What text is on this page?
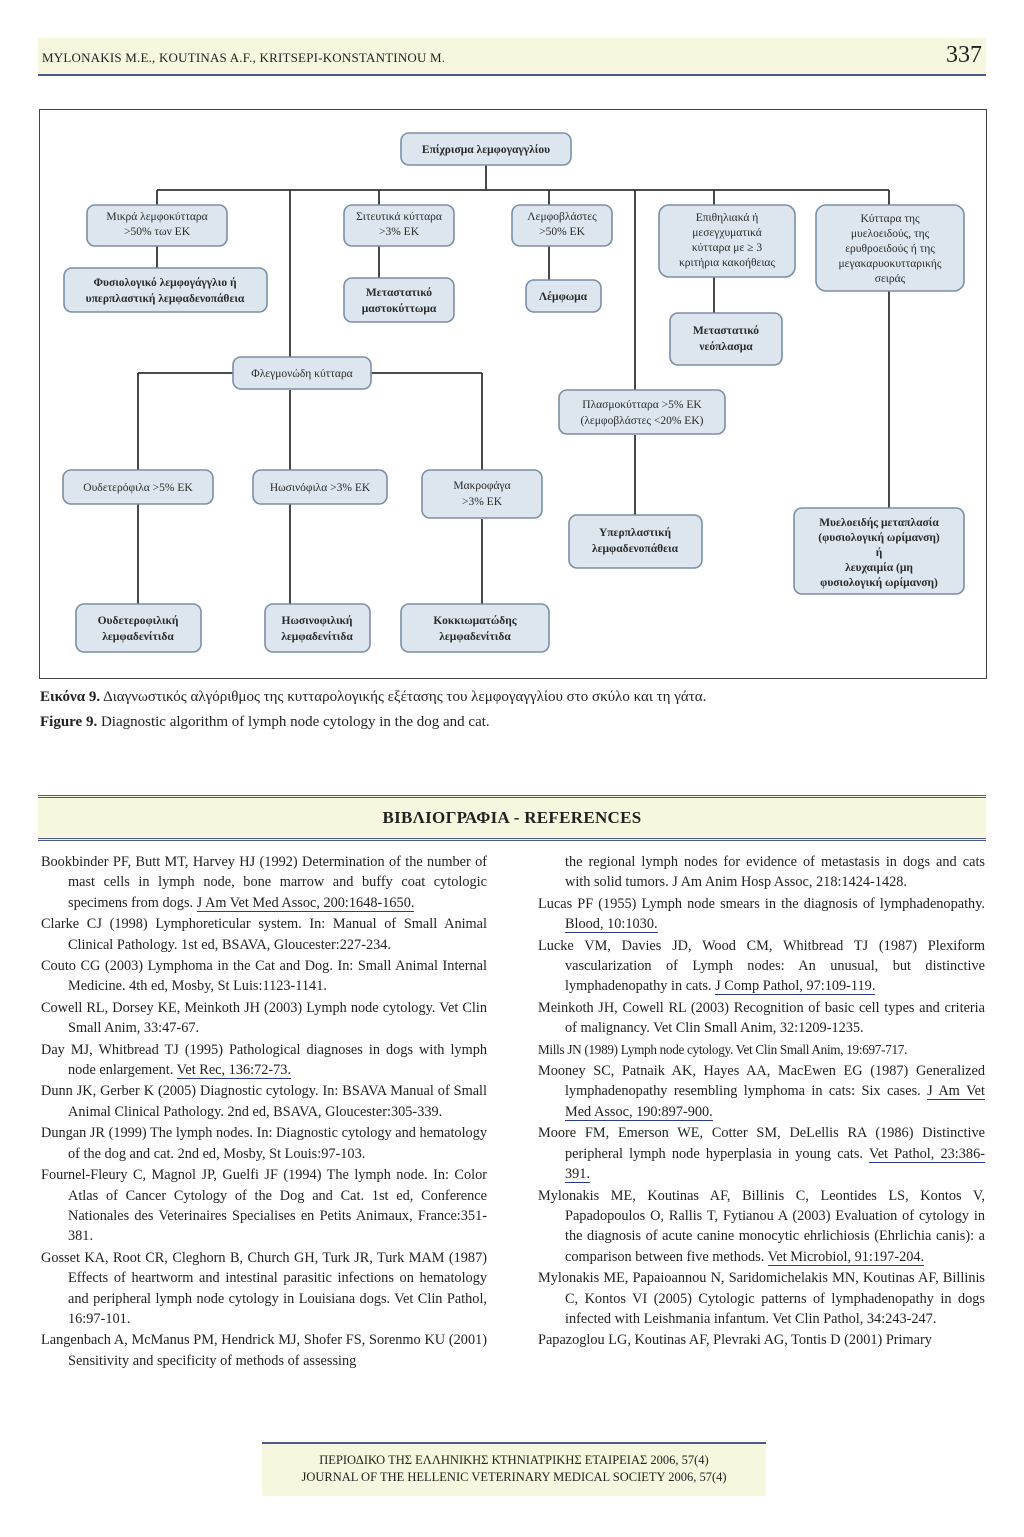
MYLONAKIS M.E., KOUTINAS A.F., KRITSEPI-KONSTANTINOU M.	337
Επίχρισμα λεμφογαγγλίου
Μικρά λεμφοκύτταρα
>50% των ΕΚ
Σιτευτικά κύτταρα
>3% ΕΚ
Λεμφοβλάστες
>50% ΕΚ
Επιθηλιακά ή
μεσεγχυματικά
κύτταρα με ≥ 3
κριτήρια κακοήθειας
Κύτταρα της
μυελοειδούς, της
ερυθροειδούς ή της
μεγακαρυοκυτταρικής
σειράς
Φυσιολογικό λεμφογάγγλιο ή
υπερπλαστική λεμφαδενοπάθεια	Μεταστατικό
μαστοκύττωμα
Λέμφωμα
Μεταστατικό
νεόπλασμα
Φλεγμονώδη κύτταρα
Πλασμοκύτταρα >5% ΕΚ
(λεμφοβλάστες <20% ΕΚ)
Ουδετερόφιλα >5% ΕΚ	Ηωσινόφιλα >3% ΕΚ	Μακροφάγα
>3% ΕΚ
Υπερπλαστική
λεμφαδενοπάθεια
Μυελοειδής μεταπλασία
(φυσιολογική ωρίμανση)
ή
λευχαιμία (μη
φυσιολογική ωρίμανση)
Ουδετεροφιλική
λεμφαδενίτιδα
Ηωσινοφιλική
λεμφαδενίτιδα
Κοκκιωματώδης
λεμφαδενίτιδα
Εικόνα 9. Διαγνωστικός αλγόριθμος της κυτταρολογικής εξέτασης του λεμφογαγγλίου στο σκύλο και τη γάτα.
Figure 9. Diagnostic algorithm of lymph node cytology in the dog and cat.
ΒΙΒΛΙΟΓΡΑΦΙΑ - REFERENCES
Bookbinder PF, Butt MT, Harvey HJ (1992) Determination of the number of mast cells in lymph node, bone marrow and buffy coat cytologic specimens from dogs. J Am Vet Med Assoc, 200:1648-1650.
Clarke CJ (1998) Lymphoreticular system. In: Manual of Small Animal Clinical Pathology. 1st ed, BSAVA, Gloucester:227-234.
Couto CG (2003) Lymphoma in the Cat and Dog. In: Small Animal Internal Medicine. 4th ed, Mosby, St Luis:1123-1141.
Cowell RL, Dorsey KE, Meinkoth JH (2003) Lymph node cytology. Vet Clin Small Anim, 33:47-67.
Day MJ, Whitbread TJ (1995) Pathological diagnoses in dogs with lymph node enlargement. Vet Rec, 136:72-73.
Dunn JK, Gerber K (2005) Diagnostic cytology. In: BSAVA Manual of Small Animal Clinical Pathology. 2nd ed, BSAVA, Gloucester:305-339.
Dungan JR (1999) The lymph nodes. In: Diagnostic cytology and hematology of the dog and cat. 2nd ed, Mosby, St Louis:97-103.
Fournel-Fleury C, Magnol JP, Guelfi JF (1994) The lymph node. In: Color Atlas of Cancer Cytology of the Dog and Cat. 1st ed, Conference Nationales des Veterinaires Specialises en Petits Animaux, France:351-381.
Gosset KA, Root CR, Cleghorn B, Church GH, Turk JR, Turk MAM (1987) Effects of heartworm and intestinal parasitic infections on hematology and peripheral lymph node cytology in Louisiana dogs. Vet Clin Pathol, 16:97-101.
Langenbach A, McManus PM, Hendrick MJ, Shofer FS, Sorenmo KU (2001) Sensitivity and specificity of methods of assessing
the regional lymph nodes for evidence of metastasis in dogs and cats with solid tumors. J Am Anim Hosp Assoc, 218:1424-1428.
Lucas PF (1955) Lymph node smears in the diagnosis of lymphadenopathy. Blood, 10:1030.
Lucke VM, Davies JD, Wood CM, Whitbread TJ (1987) Plexiform vascularization of Lymph nodes: An unusual, but distinctive lymphadenopathy in cats. J Comp Pathol, 97:109-119.
Meinkoth JH, Cowell RL (2003) Recognition of basic cell types and criteria of malignancy. Vet Clin Small Anim, 32:1209-1235.
Mills JN (1989) Lymph node cytology. Vet Clin Small Anim, 19:697-717.
Mooney SC, Patnaik AK, Hayes AA, MacEwen EG (1987) Generalized lymphadenopathy resembling lymphoma in cats: Six cases. J Am Vet Med Assoc, 190:897-900.
Moore FM, Emerson WE, Cotter SM, DeLellis RA (1986) Distinctive peripheral lymph node hyperplasia in young cats. Vet Pathol, 23:386-391.
Mylonakis ME, Koutinas AF, Billinis C, Leontides LS, Kontos V, Papadopoulos O, Rallis T, Fytianou A (2003) Evaluation of cytology in the diagnosis of acute canine monocytic ehrlichiosis (Ehrlichia canis): a comparison between five methods. Vet Microbiol, 91:197-204.
Mylonakis ME, Papaioannou N, Saridomichelakis MN, Koutinas AF, Billinis C, Kontos VI (2005) Cytologic patterns of lymphadenopathy in dogs infected with Leishmania infantum. Vet Clin Pathol, 34:243-247.
Papazoglou LG, Koutinas AF, Plevraki AG, Tontis D (2001) Primary
ΠΕΡΙΟΔΙΚΟ ΤΗΣ ΕΛΛΗΝΙΚΗΣ ΚΤΗΝΙΑΤΡΙΚΗΣ ΕΤΑΙΡΕΙΑΣ 2006, 57(4)
JOURNAL OF THE HELLENIC VETERINARY MEDICAL SOCIETY 2006, 57(4)
